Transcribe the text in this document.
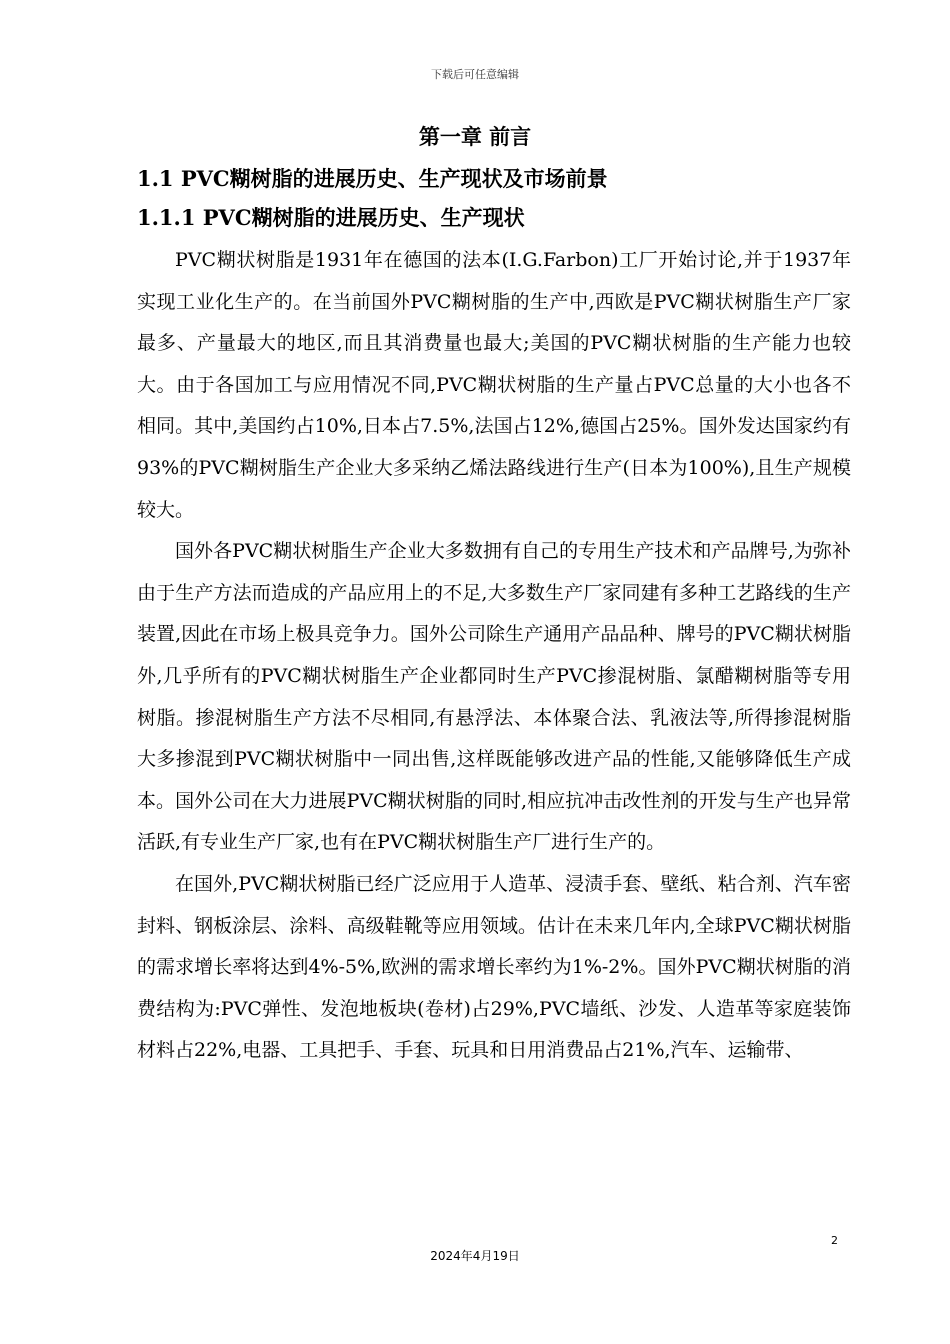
下载后可任意编辑
第一章 前言
1.1 PVC糊树脂的进展历史、生产现状及市场前景
1.1.1 PVC糊树脂的进展历史、生产现状

PVC糊状树脂是1931年在德国的法本(I.G.Farbon)工厂开始讨论,并于1937年实现工业化生产的。在当前国外PVC糊树脂的生产中,西欧是PVC糊状树脂生产厂家最多、产量最大的地区,而且其消费量也最大;美国的PVC糊状树脂的生产能力也较大。由于各国加工与应用情况不同,PVC糊状树脂的生产量占PVC总量的大小也各不相同。其中,美国约占10%,日本占7.5%,法国占12%,德国占25%。国外发达国家约有93%的PVC糊树脂生产企业大多采纳乙烯法路线进行生产(日本为100%),且生产规模较大。

国外各PVC糊状树脂生产企业大多数拥有自己的专用生产技术和产品牌号,为弥补由于生产方法而造成的产品应用上的不足,大多数生产厂家同建有多种工艺路线的生产装置,因此在市场上极具竞争力。国外公司除生产通用产品品种、牌号的PVC糊状树脂外,几乎所有的PVC糊状树脂生产企业都同时生产PVC掺混树脂、氯醋糊树脂等专用树脂。掺混树脂生产方法不尽相同,有悬浮法、本体聚合法、乳液法等,所得掺混树脂大多掺混到PVC糊状树脂中一同出售,这样既能够改进产品的性能,又能够降低生产成本。国外公司在大力进展PVC糊状树脂的同时,相应抗冲击改性剂的开发与生产也异常活跃,有专业生产厂家,也有在PVC糊状树脂生产厂进行生产的。

在国外,PVC糊状树脂已经广泛应用于人造革、浸渍手套、壁纸、粘合剂、汽车密封料、钢板涂层、涂料、高级鞋靴等应用领域。估计在未来几年内,全球PVC糊状树脂的需求增长率将达到4%-5%,欧洲的需求增长率约为1%-2%。国外PVC糊状树脂的消费结构为:PVC弹性、发泡地板块(卷材)占29%,PVC墙纸、沙发、人造革等家庭装饰材料占22%,电器、工具把手、手套、玩具和日用消费品占21%,汽车、运输带、

2
2024年4月19日
